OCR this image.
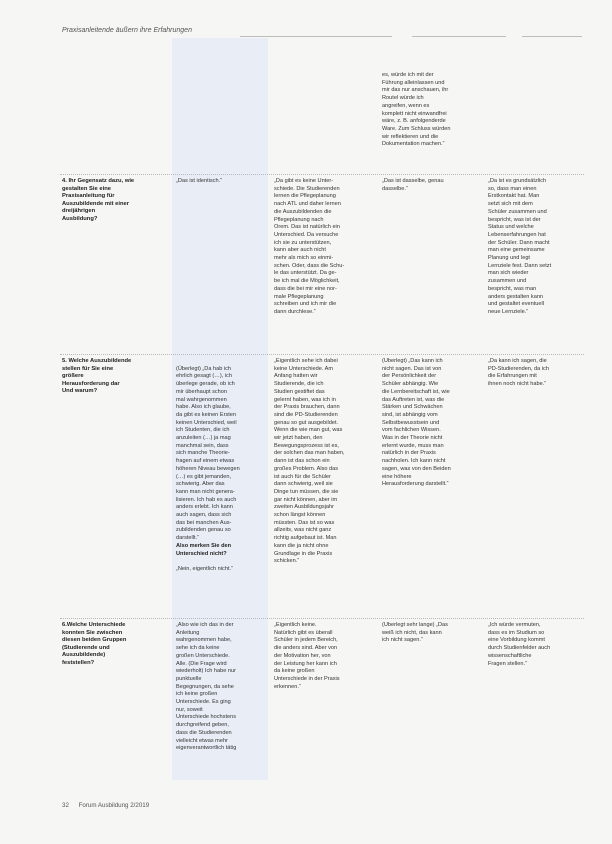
Praxisanleitende äußern ihre Erfahrungen
es, würde ich mit der
Führung alleinlassen und
mir das nur anschauen, ihr
Routel würde ich
angreifen, wenn es
komplett nicht einwandfrei
wäre, z. B. anfolgenderde
Ware. Zum Schluss würden
wir reflektieren und die
Dokumentation machen.“
4. Ihr Gegensatz dazu, wie
gestalten Sie eine
Praxisanleitung für
Auszubildende mit einer
dreijährigen
Ausbildung?
„Das ist identisch.“	„Da gibt es keine Unter-
schiede. Die Studierenden
lernen die Pflegeplanung
nach ATL und daher lernen
die Auszubildenden die
Pflegeplanung nach
Orem. Das ist natürlich ein
Unterschied. Da versuche
ich sie zu unterstützen,
kann aber auch nicht
mehr als mich so einmi-
schen. Oder, dass die Schu-
le das unterstützt. Da ge-
be ich mal die Möglichkeit,
dass die bei mir eine nor-
male Pflegeplanung
schreiben und ich mir die
dann durchlese.“
„Das ist dasselbe, genau
dasselbe.“
„Da ist es grundsätzlich
so, dass man einen
Erstkontakt hat. Man
setzt sich mit dem
Schüler zusammen und
bespricht, was ist der
Status und welche
Lebenserfahrungen hat
der Schüler. Dann macht
man eine gemeinsame
Planung und legt
Lernziele fest. Dann setzt
man sich wieder
zusammen und
bespricht, was man
anders gestalten kann
und gestaltet eventuell
neue Lernziele.“
5. Welche Auszubildende
stellen für Sie eine
größere
Herausforderung dar
Und warum?

(Überlegt) „Da hab ich
ehrlich gesagt (…), ich
überlege gerade, ob ich
mir überhaupt schon
mal wahrgenommen
habe. Also ich glaube,
da gibt es keinen Ersten
keinen Unterschied, weil
ich Studenten, die ich
anzuleiten (…) ja mag
manchmal sein, dass
sich manche Theorie-
fragen auf einem etwas
höheren Niveau bewegen
(…) es gibt jemanden,
schwierig. Aber das
kann man nicht genera-
lisieren. Ich hab es auch
anders erlebt. Ich kann
auch sagen, dass sich
das bei manchen Aus-
zubildenden genau so
darstellt.“

Also merken Sie den
Unterschied nicht?

„Nein, eigentlich nicht.“

„Eigentlich sehe ich dabei
keine Unterschiede. Am
Anfang hatten wir
Studierende, die ich
Studien gestiftet das
gelernt haben, was ich in
der Praxis brauchen, dann
sind die PD-Studierenden
genau so gut ausgebildet.
Wenn die wie man gut, was
wir jetzt haben, den
Bewegungsprozess ist es,
der solchen das man haben,
dann ist das schon ein
großes Problem. Also das
ist auch für die Schüler
dann schwierig, weil sie
Dinge tun müssen, die sie
gar nicht können, aber im
zweiten Ausbildungsjahr
schon längst können
müssten. Das ist so was
allzeits, was nicht ganz
richtig aufgebaut ist. Man
kann die ja nicht ohne
Grundlage in die Praxis
schicken.“
(Überlegt) „Das kann ich
nicht sagen. Das ist von
der Persönlichkeit der
Schüler abhängig. Wie
die Lernbereitschaft ist, wie
das Auftreten ist, was die
Stärken und Schwächen
sind, ist abhängig vom
Selbstbewusstsein und
vom fachlichen Wissen.
Was in der Theorie nicht
erlernt wurde, muss man
natürlich in der Praxis
nachholen. Ich kann nicht
sagen, was von den Beiden
eine höhere
Herausforderung darstellt.“
„Da kann ich sagen, die
PD-Studierenden, da ich
die Erfahrungen mit
ihnen noch nicht habe.“
6.Welche Unterschiede
konnten Sie zwischen
diesen beiden Gruppen
(Studierende und
Auszubildende)
feststellen?
„Also wie ich das in der
Anleitung
wahrgenommen habe,
sehe ich da keine
großen Unterschiede.
Alle. (Die Frage wird
wiederholt) Ich habe nur
punktuelle
Begegnungen, da sehe
ich keine großen
Unterschiede. Es ging
nur, soweit
Unterschiede hochstens
durchgreifend geben,
dass die Studierenden
vielleicht etwas mehr
eigenverantwortlich tätig
„Eigentlich keine.
Natürlich gibt es überall
Schüler in jedem Bereich,
die anders sind. Aber von
der Motivation her, von
der Leistung her kann ich
da keine großen
Unterschiede in der Praxis
erkennen.“
(Überlegt sehr lange) „Das
weiß ich nicht, das kann
ich nicht sagen.“
„Ich würde vermuten,
dass es im Studium so
eine Vorbildung kommt
durch Studienfelder auch
wissenschaftliche
Fragen stellen.“
32 Forum Ausbildung 2/2019
